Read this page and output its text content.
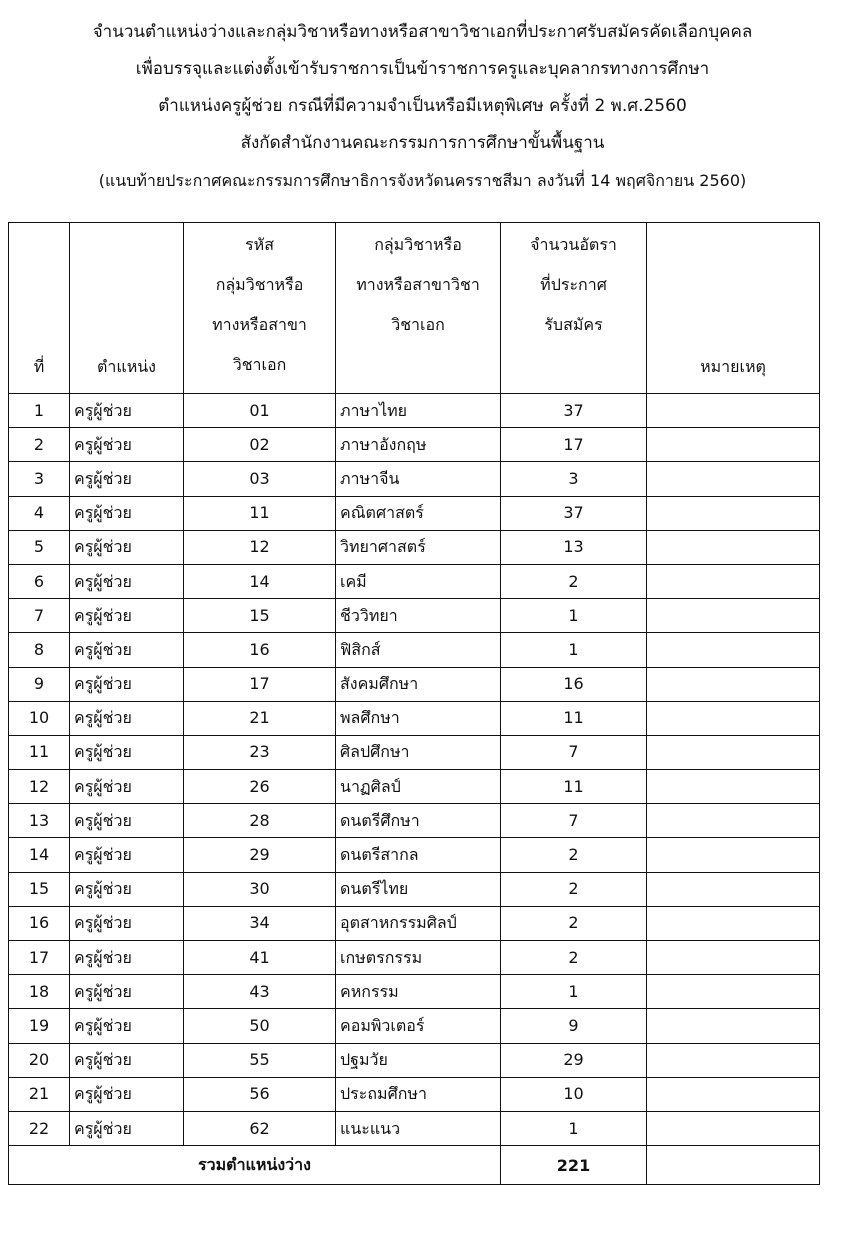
จำนวนตำแหน่งว่างและกลุ่มวิชาหรือทางหรือสาขาวิชาเอกที่ประกาศรับสมัครคัดเลือกบุคคล
เพื่อบรรจุและแต่งตั้งเข้ารับราชการเป็นข้าราชการครูและบุคลากรทางการศึกษา
ตำแหน่งครูผู้ช่วย กรณีที่มีความจำเป็นหรือมีเหตุพิเศษ ครั้งที่ 2 พ.ศ.2560
สังกัดสำนักงานคณะกรรมการการศึกษาขั้นพื้นฐาน
(แนบท้ายประกาศคณะกรรมการศึกษาธิการจังหวัดนครราชสีมา ลงวันที่ 14 พฤศจิกายน 2560)
ที่	ตำแหน่ง	รหัส
กลุ่มวิชาหรือ
ทางหรือสาขา
วิชาเอก	กลุ่มวิชาหรือ
ทางหรือสาขาวิชา
วิชาเอก	จำนวนอัตรา
ที่ประกาศ
รับสมัคร	หมายเหตุ
1	ครูผู้ช่วย	01	ภาษาไทย	37	
2	ครูผู้ช่วย	02	ภาษาอังกฤษ	17	
3	ครูผู้ช่วย	03	ภาษาจีน	3	
4	ครูผู้ช่วย	11	คณิตศาสตร์	37	
5	ครูผู้ช่วย	12	วิทยาศาสตร์	13	
6	ครูผู้ช่วย	14	เคมี	2	
7	ครูผู้ช่วย	15	ชีววิทยา	1	
8	ครูผู้ช่วย	16	ฟิสิกส์	1	
9	ครูผู้ช่วย	17	สังคมศึกษา	16	
10	ครูผู้ช่วย	21	พลศึกษา	11	
11	ครูผู้ช่วย	23	ศิลปศึกษา	7	
12	ครูผู้ช่วย	26	นาฏศิลป์	11	
13	ครูผู้ช่วย	28	ดนตรีศึกษา	7	
14	ครูผู้ช่วย	29	ดนตรีสากล	2	
15	ครูผู้ช่วย	30	ดนตรีไทย	2	
16	ครูผู้ช่วย	34	อุตสาหกรรมศิลป์	2	
17	ครูผู้ช่วย	41	เกษตรกรรม	2	
18	ครูผู้ช่วย	43	คหกรรม	1	
19	ครูผู้ช่วย	50	คอมพิวเตอร์	9	
20	ครูผู้ช่วย	55	ปฐมวัย	29	
21	ครูผู้ช่วย	56	ประถมศึกษา	10	
22	ครูผู้ช่วย	62	แนะแนว	1	
รวมตำแหน่งว่าง				221	
